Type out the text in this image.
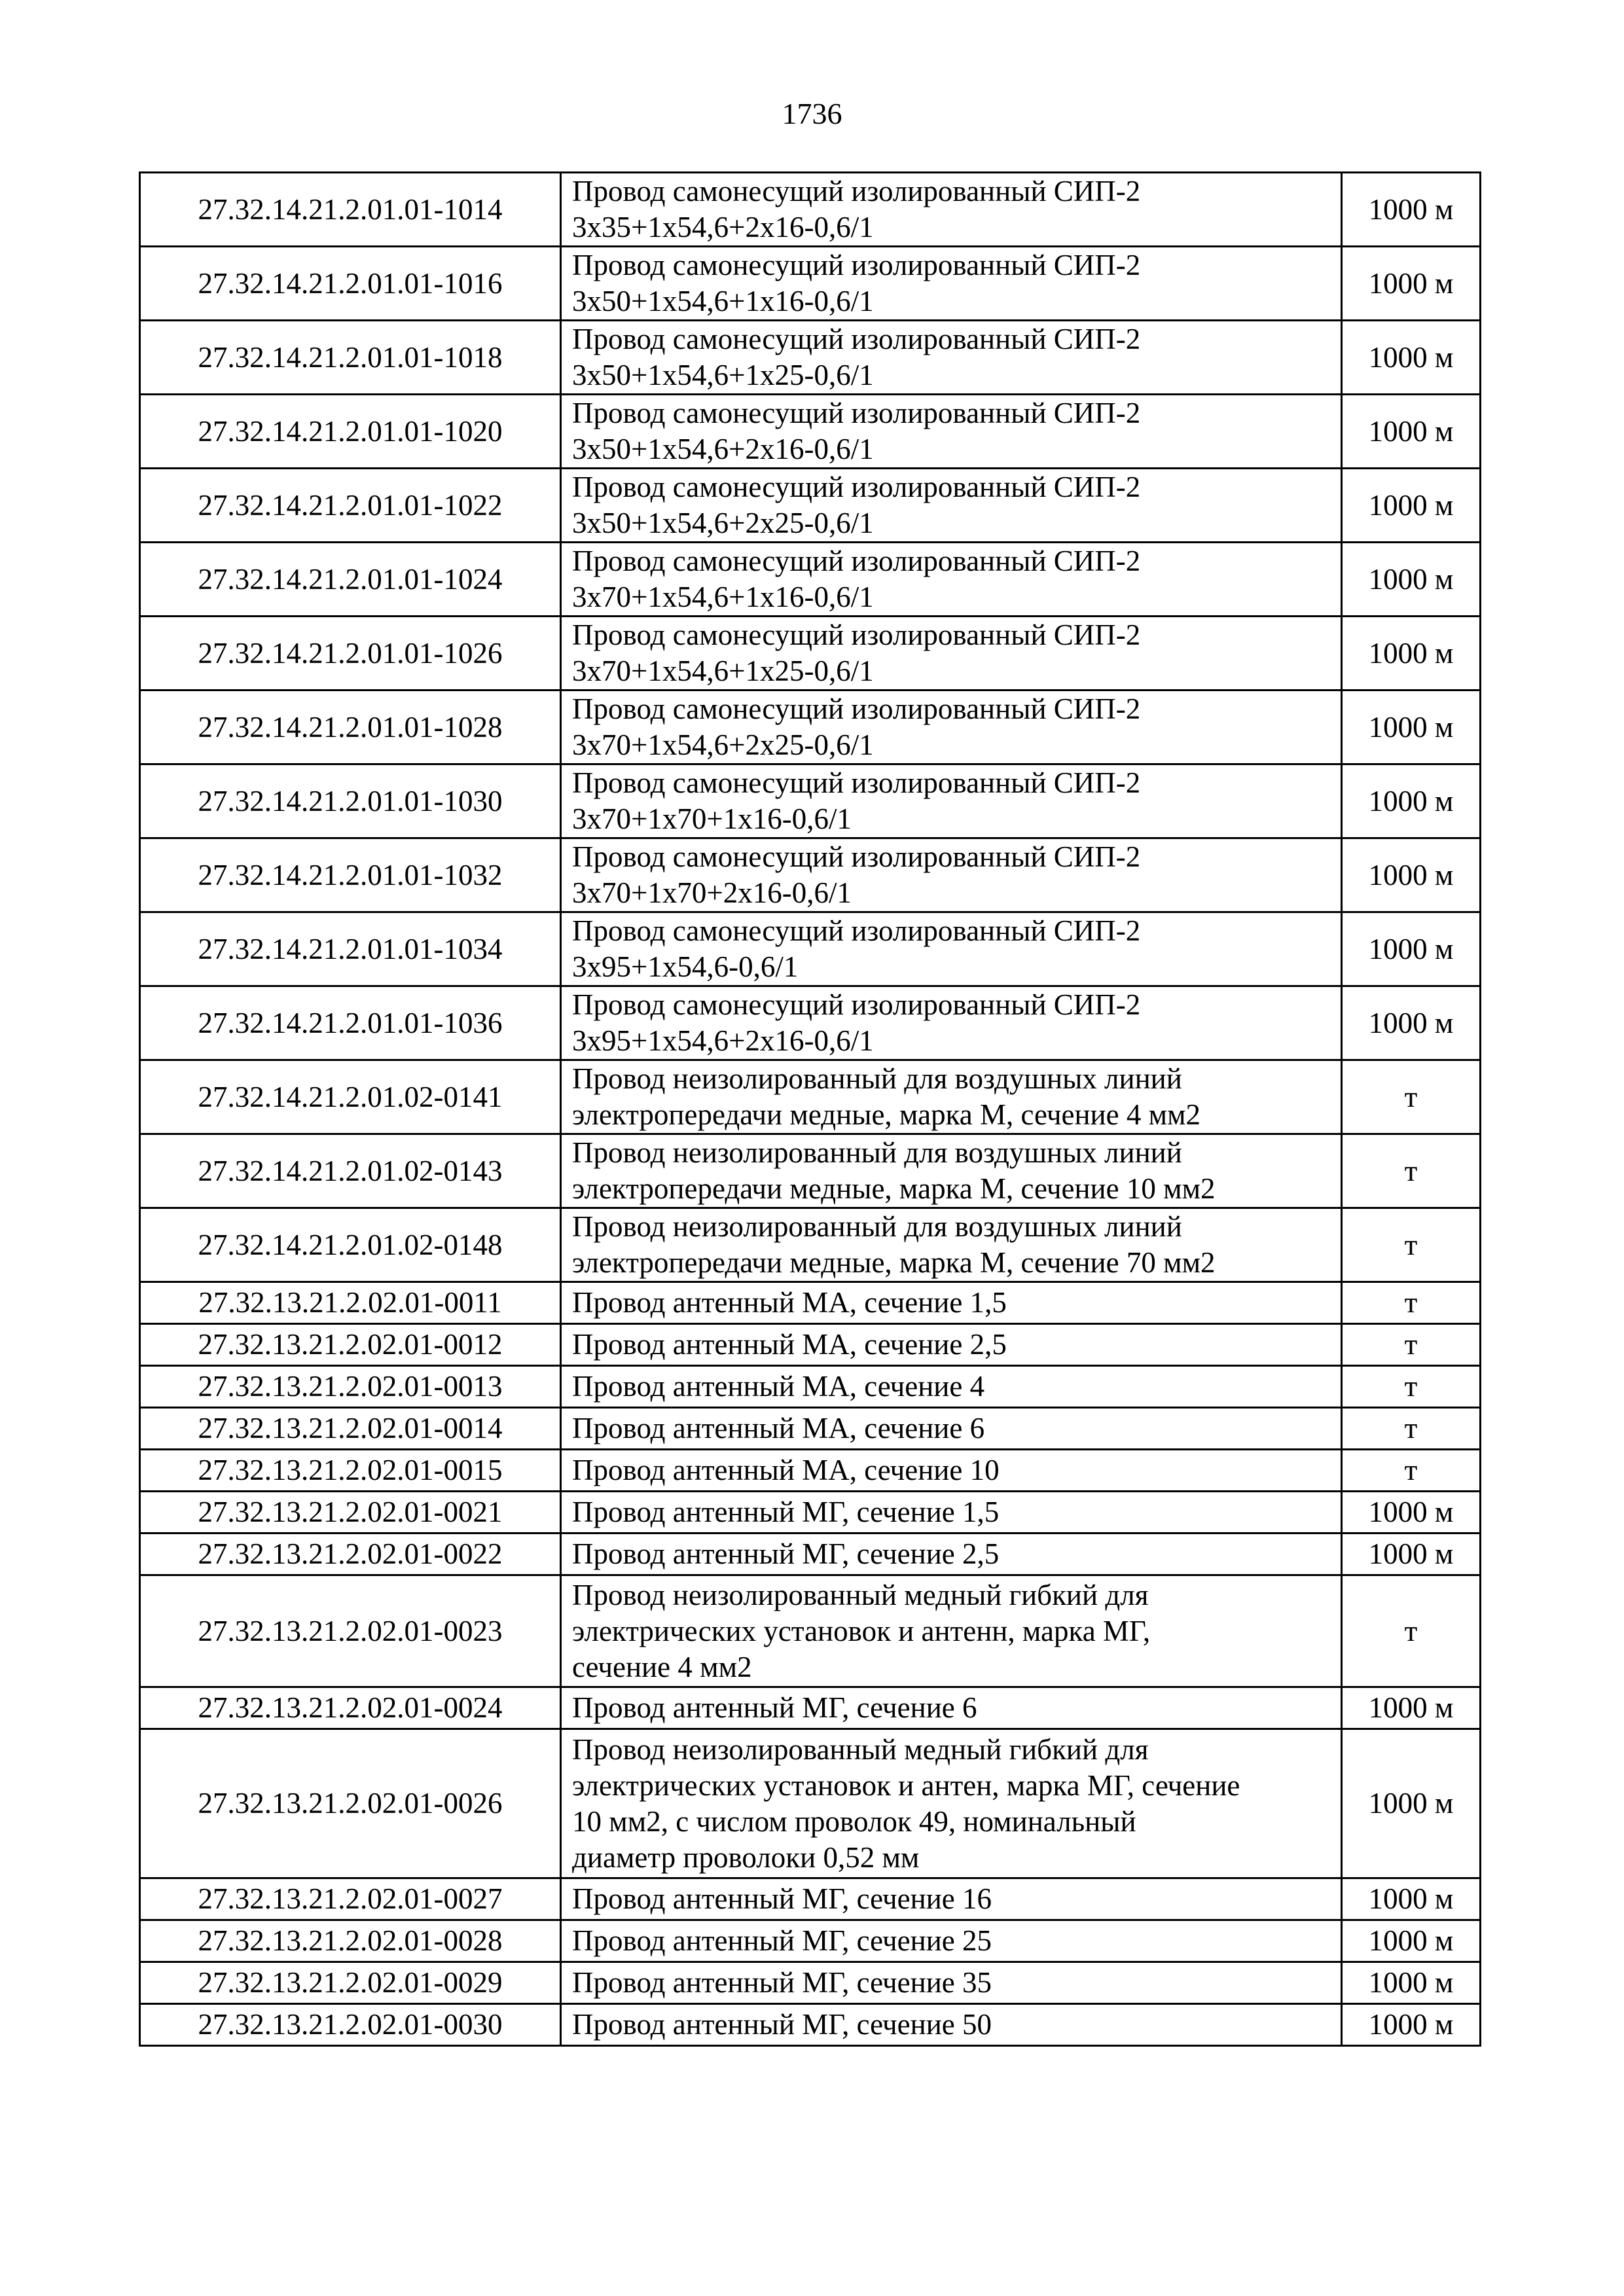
1736
27.32.14.21.2.01.01-1014	Провод самонесущий изолированный СИП-2
3х35+1х54,6+2х16-0,6/1	1000 м
27.32.14.21.2.01.01-1016	Провод самонесущий изолированный СИП-2
3х50+1х54,6+1х16-0,6/1	1000 м
27.32.14.21.2.01.01-1018	Провод самонесущий изолированный СИП-2
3х50+1х54,6+1х25-0,6/1	1000 м
27.32.14.21.2.01.01-1020	Провод самонесущий изолированный СИП-2
3х50+1х54,6+2х16-0,6/1	1000 м
27.32.14.21.2.01.01-1022	Провод самонесущий изолированный СИП-2
3х50+1х54,6+2х25-0,6/1	1000 м
27.32.14.21.2.01.01-1024	Провод самонесущий изолированный СИП-2
3х70+1х54,6+1х16-0,6/1	1000 м
27.32.14.21.2.01.01-1026	Провод самонесущий изолированный СИП-2
3х70+1х54,6+1х25-0,6/1	1000 м
27.32.14.21.2.01.01-1028	Провод самонесущий изолированный СИП-2
3х70+1х54,6+2х25-0,6/1	1000 м
27.32.14.21.2.01.01-1030	Провод самонесущий изолированный СИП-2
3х70+1х70+1х16-0,6/1	1000 м
27.32.14.21.2.01.01-1032	Провод самонесущий изолированный СИП-2
3х70+1х70+2х16-0,6/1	1000 м
27.32.14.21.2.01.01-1034	Провод самонесущий изолированный СИП-2
3х95+1х54,6-0,6/1	1000 м
27.32.14.21.2.01.01-1036	Провод самонесущий изолированный СИП-2
3х95+1х54,6+2х16-0,6/1	1000 м
27.32.14.21.2.01.02-0141	Провод неизолированный для воздушных линий
электропередачи медные, марка М, сечение 4 мм2	т
27.32.14.21.2.01.02-0143	Провод неизолированный для воздушных линий
электропередачи медные, марка М, сечение 10 мм2	т
27.32.14.21.2.01.02-0148	Провод неизолированный для воздушных линий
электропередачи медные, марка М, сечение 70 мм2	т
27.32.13.21.2.02.01-0011	Провод антенный МА, сечение 1,5	т
27.32.13.21.2.02.01-0012	Провод антенный МА, сечение 2,5	т
27.32.13.21.2.02.01-0013	Провод антенный МА, сечение 4	т
27.32.13.21.2.02.01-0014	Провод антенный МА, сечение 6	т
27.32.13.21.2.02.01-0015	Провод антенный МА, сечение 10	т
27.32.13.21.2.02.01-0021	Провод антенный МГ, сечение 1,5	1000 м
27.32.13.21.2.02.01-0022	Провод антенный МГ, сечение 2,5	1000 м
27.32.13.21.2.02.01-0023	Провод неизолированный медный гибкий для
электрических установок и антенн, марка МГ,
сечение 4 мм2	т
27.32.13.21.2.02.01-0024	Провод антенный МГ, сечение 6	1000 м
27.32.13.21.2.02.01-0026	Провод неизолированный медный гибкий для
электрических установок и антен, марка МГ, сечение
10 мм2, с числом проволок 49, номинальный
диаметр проволоки 0,52 мм	1000 м
27.32.13.21.2.02.01-0027	Провод антенный МГ, сечение 16	1000 м
27.32.13.21.2.02.01-0028	Провод антенный МГ, сечение 25	1000 м
27.32.13.21.2.02.01-0029	Провод антенный МГ, сечение 35	1000 м
27.32.13.21.2.02.01-0030	Провод антенный МГ, сечение 50	1000 м
